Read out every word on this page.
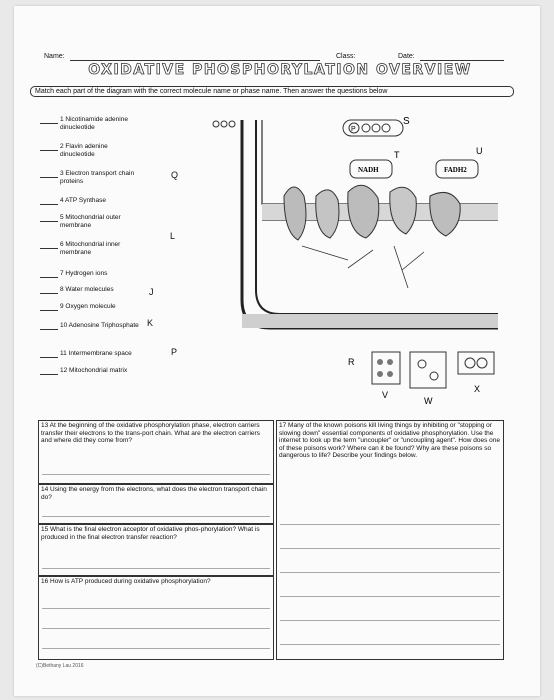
Name:	Class:	Date:
OXIDATIVE PHOSPHORYLATION OVERVIEW
Match each part of the diagram with the correct molecule name or phase name. Then answer the questions below
1 Nicotinamide adenine dinucleotide
2 Flavin adenine dinucleotide
3 Electron transport chain proteins
4 ATP Synthase
5 Mitochondrial outer membrane
6 Mitochondrial inner membrane
7 Hydrogen ions
8 Water molecules
9 Oxygen molecule
10 Adenosine Triphosphate
11 Intermembrane space
12 Mitochondrial matrix
Q
L
J
K
P
P
NADH	FADH2
S
T	U
R
V
W
X
13 At the beginning of the oxidative phosphorylation phase, electron carriers transfer their electrons to the trans-port chain. What are the electron carriers and where did they come from?
14 Using the energy from the electrons, what does the electron transport chain do?
15 What is the final electron acceptor of oxidative phos-phorylation? What is produced in the final electron transfer reaction?
16 How is ATP produced during oxidative phosphorylation?
17 Many of the known poisons kill living things by inhibiting or "stopping or slowing down" essential components of oxidative phosphorylation. Use the internet to look up the term "uncoupler" or "uncoupling agent". How does one of these poisons work? Where can it be found? Why are these poisons so dangerous to life? Describe your findings below.
(C)Bethany Lau 2016
